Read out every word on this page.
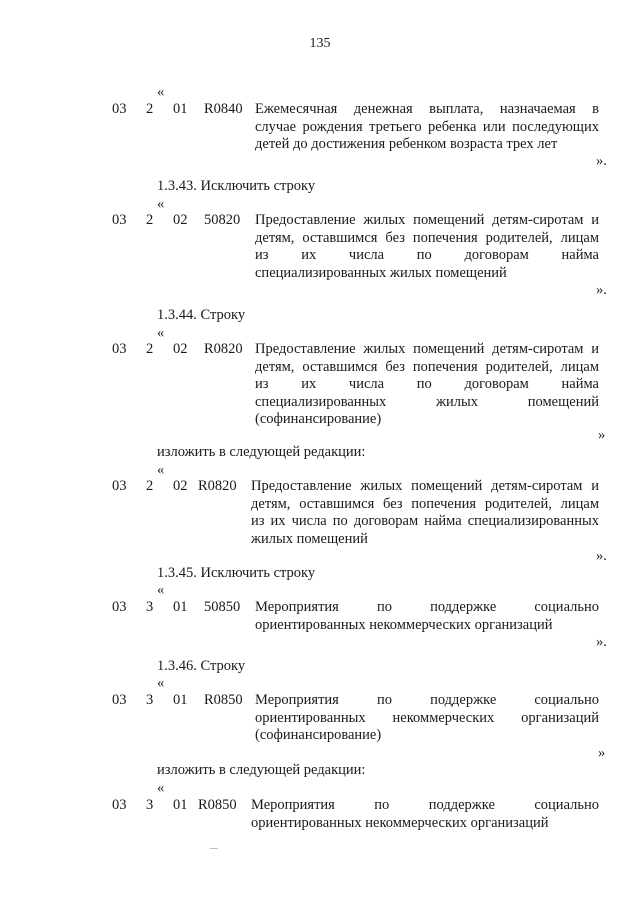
135
«
03 2 01 R0840 Ежемесячная денежная выплата, назначаемая в
случае рождения третьего ребенка или последующих
детей до достижения ребенком возраста трех лет
».
1.3.43. Исключить строку
«
03 2 02 50820 Предоставление жилых помещений детям-сиротам и
детям, оставшимся без попечения родителей, лицам
из их числа по договорам найма
специализированных жилых помещений
».
1.3.44. Строку
«
03 2 02 R0820 Предоставление жилых помещений детям-сиротам и
детям, оставшимся без попечения родителей, лицам
из их числа по договорам найма
специализированных жилых помещений
(софинансирование)
»
изложить в следующей редакции:
«
03 2 02 R0820 Предоставление жилых помещений детям-сиротам и
детям, оставшимся без попечения родителей, лицам
из их числа по договорам найма специализированных
жилых помещений
».
1.3.45. Исключить строку
«
03 3 01 50850 Мероприятия по поддержке социально
ориентированных некоммерческих организаций
».
1.3.46. Строку
«
03 3 01 R0850 Мероприятия по поддержке социально
ориентированных некоммерческих организаций
(софинансирование)
»
изложить в следующей редакции:
«
03 3 01 R0850 Мероприятия по поддержке социально
ориентированных некоммерческих организаций
